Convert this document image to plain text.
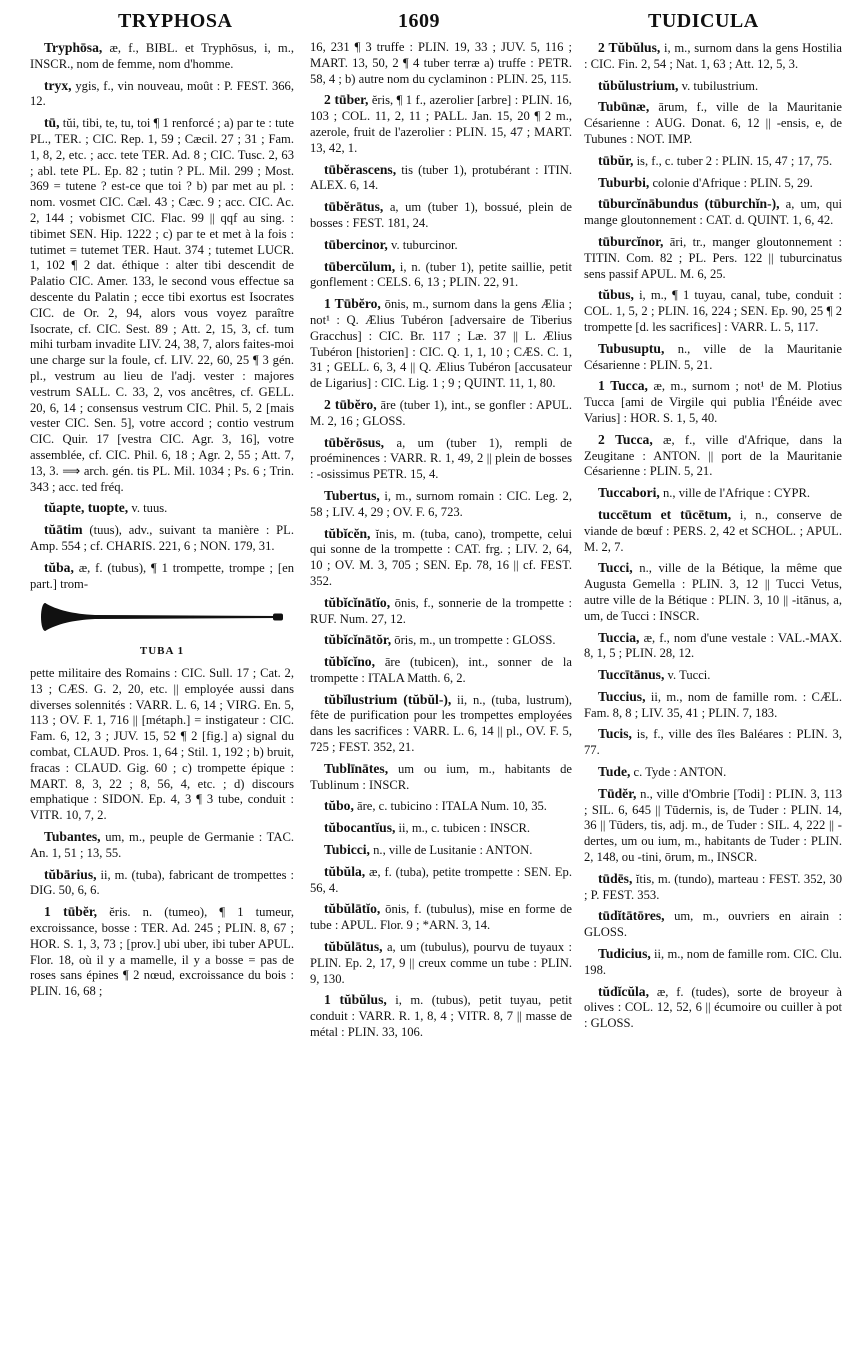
TRYPHOSA	1609	TUDICULA

Tryphōsa, æ, f., BIBL. et Tryphōsus, i, m., INSCR., nom de femme, nom d'homme.

tryx, ygis, f., vin nouveau, moût : P. FEST. 366, 12.

tū, tŭi, tibi, te, tu, toi ¶ 1 renforcé ; a) par te : tute PL., TER. ; CIC. Rep. 1, 59 ; Cæcil. 27 ; 31 ; Fam. 1, 8, 2, etc. ; acc. tete TER. Ad. 8 ; CIC. Tusc. 2, 63 ; abl. tete PL. Ep. 82 ; tutin ? PL. Mil. 299 ; Most. 369 = tutene ? est-ce que toi ? b) par met au pl. : nom. vosmet CIC. Cæl. 43 ; Cæc. 9 ; acc. CIC. Ac. 2, 144 ; vobismet CIC. Flac. 99 || qqf au sing. : tibimet SEN. Hip. 1222 ; c) par te et met à la fois : tutimet = tutemet TER. Haut. 374 ; tutemet LUCR. 1, 102 ¶ 2 dat. éthique : alter tibi descendit de Palatio CIC. Amer. 133, le second vous effectue sa descente du Palatin ; ecce tibi exortus est Isocrates CIC. de Or. 2, 94, alors vous voyez paraître Isocrate, cf. CIC. Sest. 89 ; Att. 2, 15, 3, cf. tum mihi turbam invadite LIV. 24, 38, 7, alors faites-moi une charge sur la foule, cf. LIV. 22, 60, 25 ¶ 3 gén. pl., vestrum au lieu de l'adj. vester : majores vestrum SALL. C. 33, 2, vos ancêtres, cf. GELL. 20, 6, 14 ; consensus vestrum CIC. Phil. 5, 2 [mais vester CIC. Sen. 5], votre accord ; contio vestrum CIC. Quir. 17 [vestra CIC. Agr. 3, 16], votre assemblée, cf. CIC. Phil. 6, 18 ; Agr. 2, 55 ; Att. 7, 13, 3. ⟹ arch. gén. tis PL. Mil. 1034 ; Ps. 6 ; Trin. 343 ; acc. ted fréq.

tŭapte, tuopte, v. tuus.

tŭātim (tuus), adv., suivant ta manière : PL. Amp. 554 ; cf. CHARIS. 221, 6 ; NON. 179, 31.

tŭba, æ, f. (tubus), ¶ 1 trompette, trompe ; [en part.] trom-

TUBA 1

pette militaire des Romains : CIC. Sull. 17 ; Cat. 2, 13 ; CÆS. G. 2, 20, etc. || employée aussi dans diverses solennités : VARR. L. 6, 14 ; VIRG. En. 5, 113 ; OV. F. 1, 716 || [métaph.] = instigateur : CIC. Fam. 6, 12, 3 ; JUV. 15, 52 ¶ 2 [fig.] a) signal du combat, CLAUD. Pros. 1, 64 ; Stil. 1, 192 ; b) bruit, fracas : CLAUD. Gig. 60 ; c) trompette épique : MART. 8, 3, 22 ; 8, 56, 4, etc. ; d) discours emphatique : SIDON. Ep. 4, 3 ¶ 3 tube, conduit : VITR. 10, 7, 2.

Tubantes, um, m., peuple de Germanie : TAC. An. 1, 51 ; 13, 55.

tŭbārius, ii, m. (tuba), fabricant de trompettes : DIG. 50, 6, 6.

1 tūbĕr, ĕris. n. (tumeo), ¶ 1 tumeur, excroissance, bosse : TER. Ad. 245 ; PLIN. 8, 67 ; HOR. S. 1, 3, 73 ; [prov.] ubi uber, ibi tuber APUL. Flor. 18, où il y a mamelle, il y a bosse = pas de roses sans épines ¶ 2 nœud, excroissance du bois : PLIN. 16, 68 ;

16, 231 ¶ 3 truffe : PLIN. 19, 33 ; JUV. 5, 116 ; MART. 13, 50, 2 ¶ 4 tuber terræ a) truffe : PETR. 58, 4 ; b) autre nom du cyclaminon : PLIN. 25, 115.

2 tūber, ĕris, ¶ 1 f., azerolier [arbre] : PLIN. 16, 103 ; COL. 11, 2, 11 ; PALL. Jan. 15, 20 ¶ 2 m., azerole, fruit de l'azerolier : PLIN. 15, 47 ; MART. 13, 42, 1.

tūbĕrascens, tis (tuber 1), protubérant : ITIN. ALEX. 6, 14.

tūbĕrātus, a, um (tuber 1), bossué, plein de bosses : FEST. 181, 24.

tūbercinor, v. tuburcinor.

tūbercŭlum, i, n. (tuber 1), petite saillie, petit gonflement : CELS. 6, 13 ; PLIN. 22, 91.

1 Tūbĕro, ōnis, m., surnom dans la gens Ælia ; not¹ : Q. Ælius Tubéron [adversaire de Tiberius Gracchus] : CIC. Br. 117 ; Læ. 37 || L. Ælius Tubéron [historien] : CIC. Q. 1, 1, 10 ; CÆS. C. 1, 31 ; GELL. 6, 3, 4 || Q. Ælius Tubéron [accusateur de Ligarius] : CIC. Lig. 1 ; 9 ; QUINT. 11, 1, 80.

2 tūbĕro, āre (tuber 1), int., se gonfler : APUL. M. 2, 16 ; GLOSS.

tūbĕrōsus, a, um (tuber 1), rempli de proéminences : VARR. R. 1, 49, 2 || plein de bosses : -osissimus PETR. 15, 4.

Tubertus, i, m., surnom romain : CIC. Leg. 2, 58 ; LIV. 4, 29 ; OV. F. 6, 723.

tŭbĭcĕn, ĭnis, m. (tuba, cano), trompette, celui qui sonne de la trompette : CAT. frg. ; LIV. 2, 64, 10 ; OV. M. 3, 705 ; SEN. Ep. 78, 16 || cf. FEST. 352.

tŭbĭcĭnātĭo, ōnis, f., sonnerie de la trompette : RUF. Num. 27, 12.

tŭbĭcĭnātŏr, ōris, m., un trompette : GLOSS.

tŭbĭcĭno, āre (tubicen), int., sonner de la trompette : ITALA Matth. 6, 2.

tŭbĭlustrium (tŭbŭl-), ii, n., (tuba, lustrum), fête de purification pour les trompettes employées dans les sacrifices : VARR. L. 6, 14 || pl., OV. F. 5, 725 ; FEST. 352, 21.

Tublīnātes, um ou ium, m., habitants de Tublinum : INSCR.

tŭbo, āre, c. tubicino : ITALA Num. 10, 35.

tŭbocantĭus, ii, m., c. tubicen : INSCR.

Tubicci, n., ville de Lusitanie : ANTON.

tŭbŭla, æ, f. (tuba), petite trompette : SEN. Ep. 56, 4.

tŭbŭlātĭo, ōnis, f. (tubulus), mise en forme de tube : APUL. Flor. 9 ; *ARN. 3, 14.

tŭbŭlātus, a, um (tubulus), pourvu de tuyaux : PLIN. Ep. 2, 17, 9 || creux comme un tube : PLIN. 9, 130.

1 tŭbŭlus, i, m. (tubus), petit tuyau, petit conduit : VARR. R. 1, 8, 4 ; VITR. 8, 7 || masse de métal : PLIN. 33, 106.

2 Tŭbŭlus, i, m., surnom dans la gens Hostilia : CIC. Fin. 2, 54 ; Nat. 1, 63 ; Att. 12, 5, 3.

tŭbŭlustrium, v. tubilustrium.

Tubūnæ, ārum, f., ville de la Mauritanie Césarienne : AUG. Donat. 6, 12 || -ensis, e, de Tubunes : NOT. IMP.

tūbŭr, is, f., c. tuber 2 : PLIN. 15, 47 ; 17, 75.

Tuburbi, colonie d'Afrique : PLIN. 5, 29.

tūburcĭnābundus (tūburchĭn-), a, um, qui mange gloutonnement : CAT. d. QUINT. 1, 6, 42.

tūburcĭnor, āri, tr., manger gloutonnement : TITIN. Com. 82 ; PL. Pers. 122 || tuburcinatus sens passif APUL. M. 6, 25.

tŭbus, i, m., ¶ 1 tuyau, canal, tube, conduit : COL. 1, 5, 2 ; PLIN. 16, 224 ; SEN. Ep. 90, 25 ¶ 2 trompette [d. les sacrifices] : VARR. L. 5, 117.

Tubusuptu, n., ville de la Mauritanie Césarienne : PLIN. 5, 21.

1 Tucca, æ, m., surnom ; not¹ de M. Plotius Tucca [ami de Virgile qui publia l'Énéide avec Varius] : HOR. S. 1, 5, 40.

2 Tucca, æ, f., ville d'Afrique, dans la Zeugitane : ANTON. || port de la Mauritanie Césarienne : PLIN. 5, 21.

Tuccabori, n., ville de l'Afrique : CYPR.

tuccētum et tūcētum, i, n., conserve de viande de bœuf : PERS. 2, 42 et SCHOL. ; APUL. M. 2, 7.

Tucci, n., ville de la Bétique, la même que Augusta Gemella : PLIN. 3, 12 || Tucci Vetus, autre ville de la Bétique : PLIN. 3, 10 || -itānus, a, um, de Tucci : INSCR.

Tuccia, æ, f., nom d'une vestale : VAL.-MAX. 8, 1, 5 ; PLIN. 28, 12.

Tuccītānus, v. Tucci.

Tuccius, ii, m., nom de famille rom. : CÆL. Fam. 8, 8 ; LIV. 35, 41 ; PLIN. 7, 183.

Tucis, is, f., ville des îles Baléares : PLIN. 3, 77.

Tude, c. Tyde : ANTON.

Tūdĕr, n., ville d'Ombrie [Todi] : PLIN. 3, 113 ; SIL. 6, 645 || Tūdernis, is, de Tuder : PLIN. 14, 36 || Tūders, tis, adj. m., de Tuder : SIL. 4, 222 || -dertes, um ou ium, m., habitants de Tuder : PLIN. 2, 148, ou -tini, ōrum, m., INSCR.

tūdēs, ĭtis, m. (tundo), marteau : FEST. 352, 30 ; P. FEST. 353.

tūdĭtātōres, um, m., ouvriers en airain : GLOSS.

Tudicius, ii, m., nom de famille rom. CIC. Clu. 198.

tŭdĭcŭla, æ, f. (tudes), sorte de broyeur à olives : COL. 12, 52, 6 || écumoire ou cuiller à pot : GLOSS.
